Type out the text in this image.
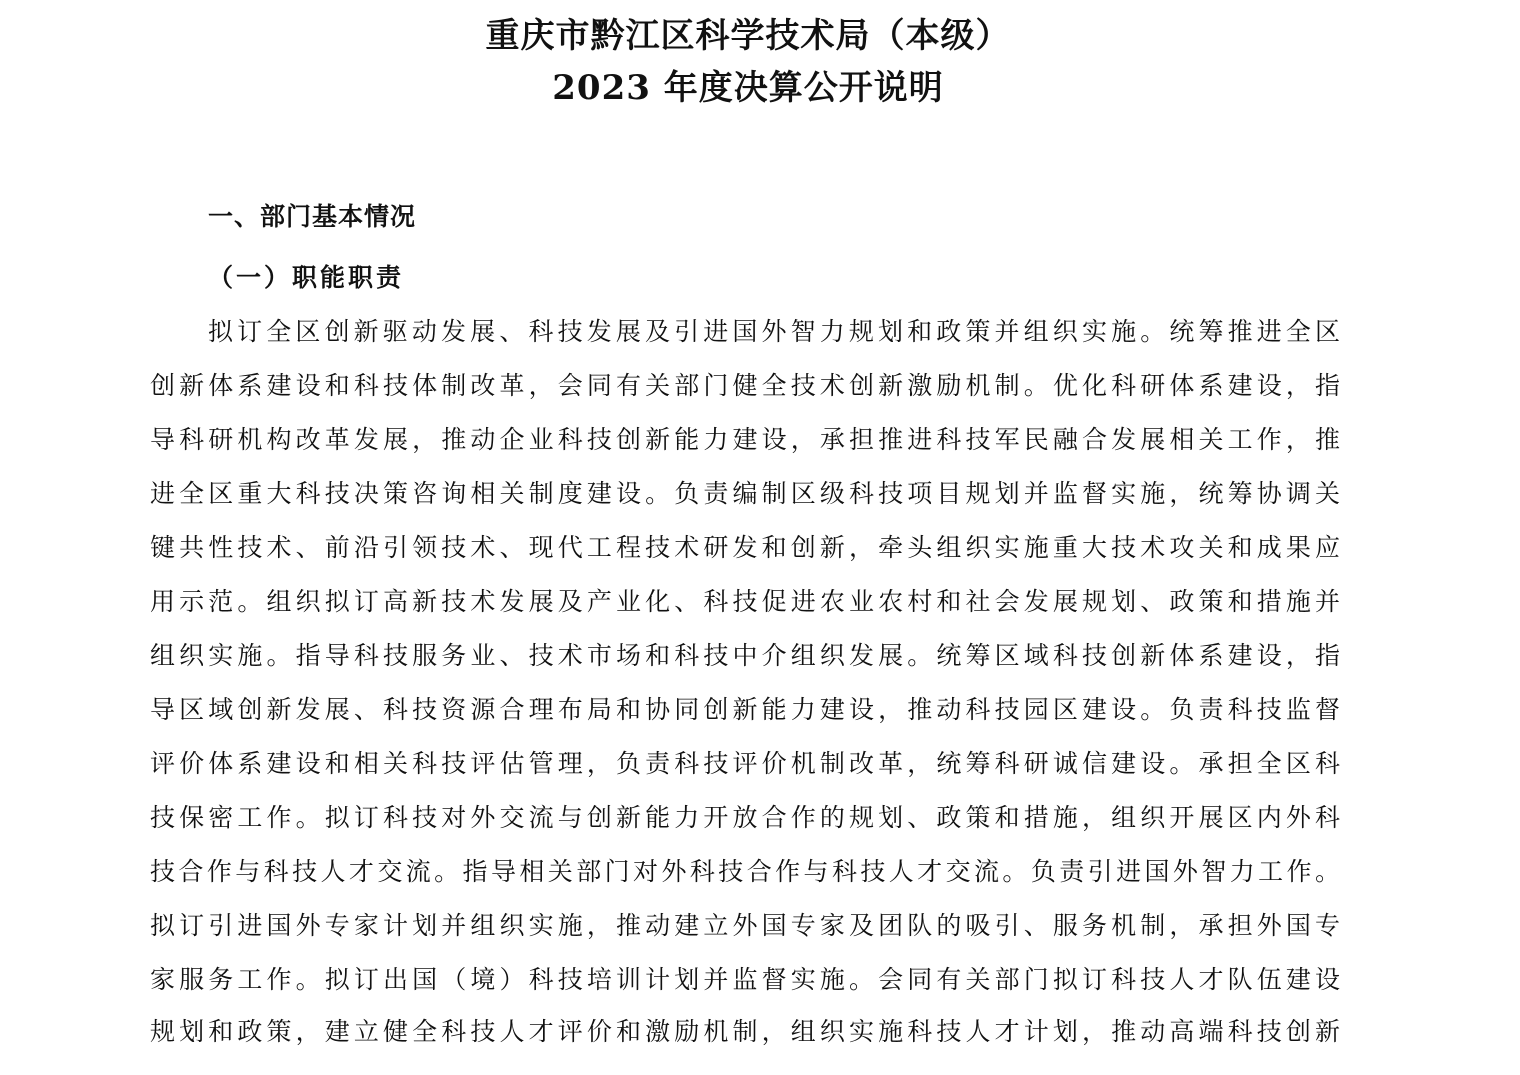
重庆市黔江区科学技术局（本级）
2023 年度决算公开说明
一、部门基本情况
（一）职能职责

拟订全区创新驱动发展、科技发展及引进国外智力规划和政策并组织实施。统筹推进全区

创新体系建设和科技体制改革，会同有关部门健全技术创新激励机制。优化科研体系建设，指

导科研机构改革发展，推动企业科技创新能力建设，承担推进科技军民融合发展相关工作，推

进全区重大科技决策咨询相关制度建设。负责编制区级科技项目规划并监督实施，统筹协调关

键共性技术、前沿引领技术、现代工程技术研发和创新，牵头组织实施重大技术攻关和成果应

用示范。组织拟订高新技术发展及产业化、科技促进农业农村和社会发展规划、政策和措施并

组织实施。指导科技服务业、技术市场和科技中介组织发展。统筹区域科技创新体系建设，指

导区域创新发展、科技资源合理布局和协同创新能力建设，推动科技园区建设。负责科技监督

评价体系建设和相关科技评估管理，负责科技评价机制改革，统筹科研诚信建设。承担全区科

技保密工作。拟订科技对外交流与创新能力开放合作的规划、政策和措施，组织开展区内外科

技合作与科技人才交流。指导相关部门对外科技合作与科技人才交流。负责引进国外智力工作。

拟订引进国外专家计划并组织实施，推动建立外国专家及团队的吸引、服务机制，承担外国专

家服务工作。拟订出国（境）科技培训计划并监督实施。会同有关部门拟订科技人才队伍建设

规划和政策，建立健全科技人才评价和激励机制，组织实施科技人才计划，推动高端科技创新
